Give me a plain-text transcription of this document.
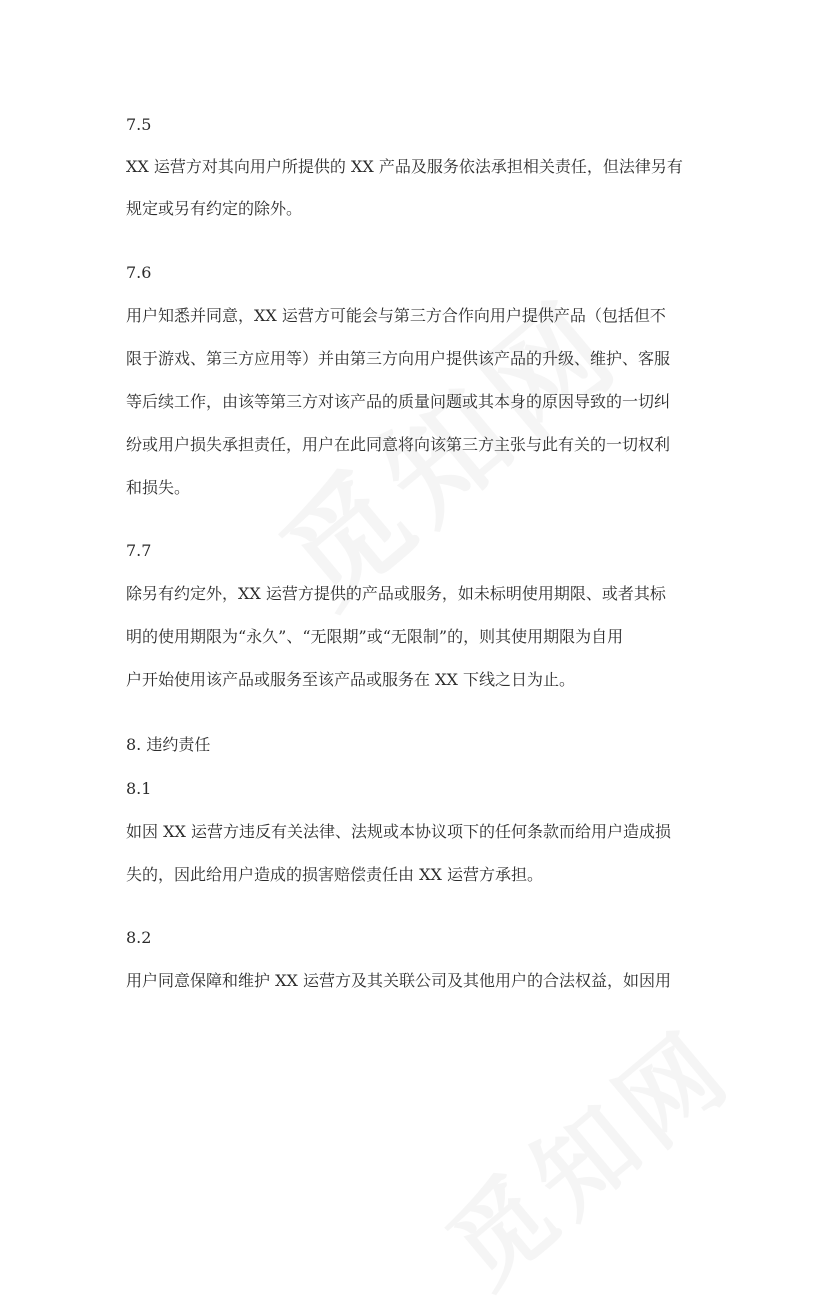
7.5

XX 运营方对其向用户所提供的 XX 产品及服务依法承担相关责任，但法律另有

规定或另有约定的除外。

7.6

用户知悉并同意，XX 运营方可能会与第三方合作向用户提供产品（包括但不

限于游戏、第三方应用等）并由第三方向用户提供该产品的升级、维护、客服

等后续工作，由该等第三方对该产品的质量问题或其本身的原因导致的一切纠

纷或用户损失承担责任，用户在此同意将向该第三方主张与此有关的一切权利

和损失。

7.7

除另有约定外，XX 运营方提供的产品或服务，如未标明使用期限、或者其标

明的使用期限为“永久”、“无限期”或“无限制”的，则其使用期限为自用

户开始使用该产品或服务至该产品或服务在 XX 下线之日为止。

8. 违约责任

8.1

如因 XX 运营方违反有关法律、法规或本协议项下的任何条款而给用户造成损

失的，因此给用户造成的损害赔偿责任由 XX 运营方承担。

8.2

用户同意保障和维护 XX 运营方及其关联公司及其他用户的合法权益，如因用
